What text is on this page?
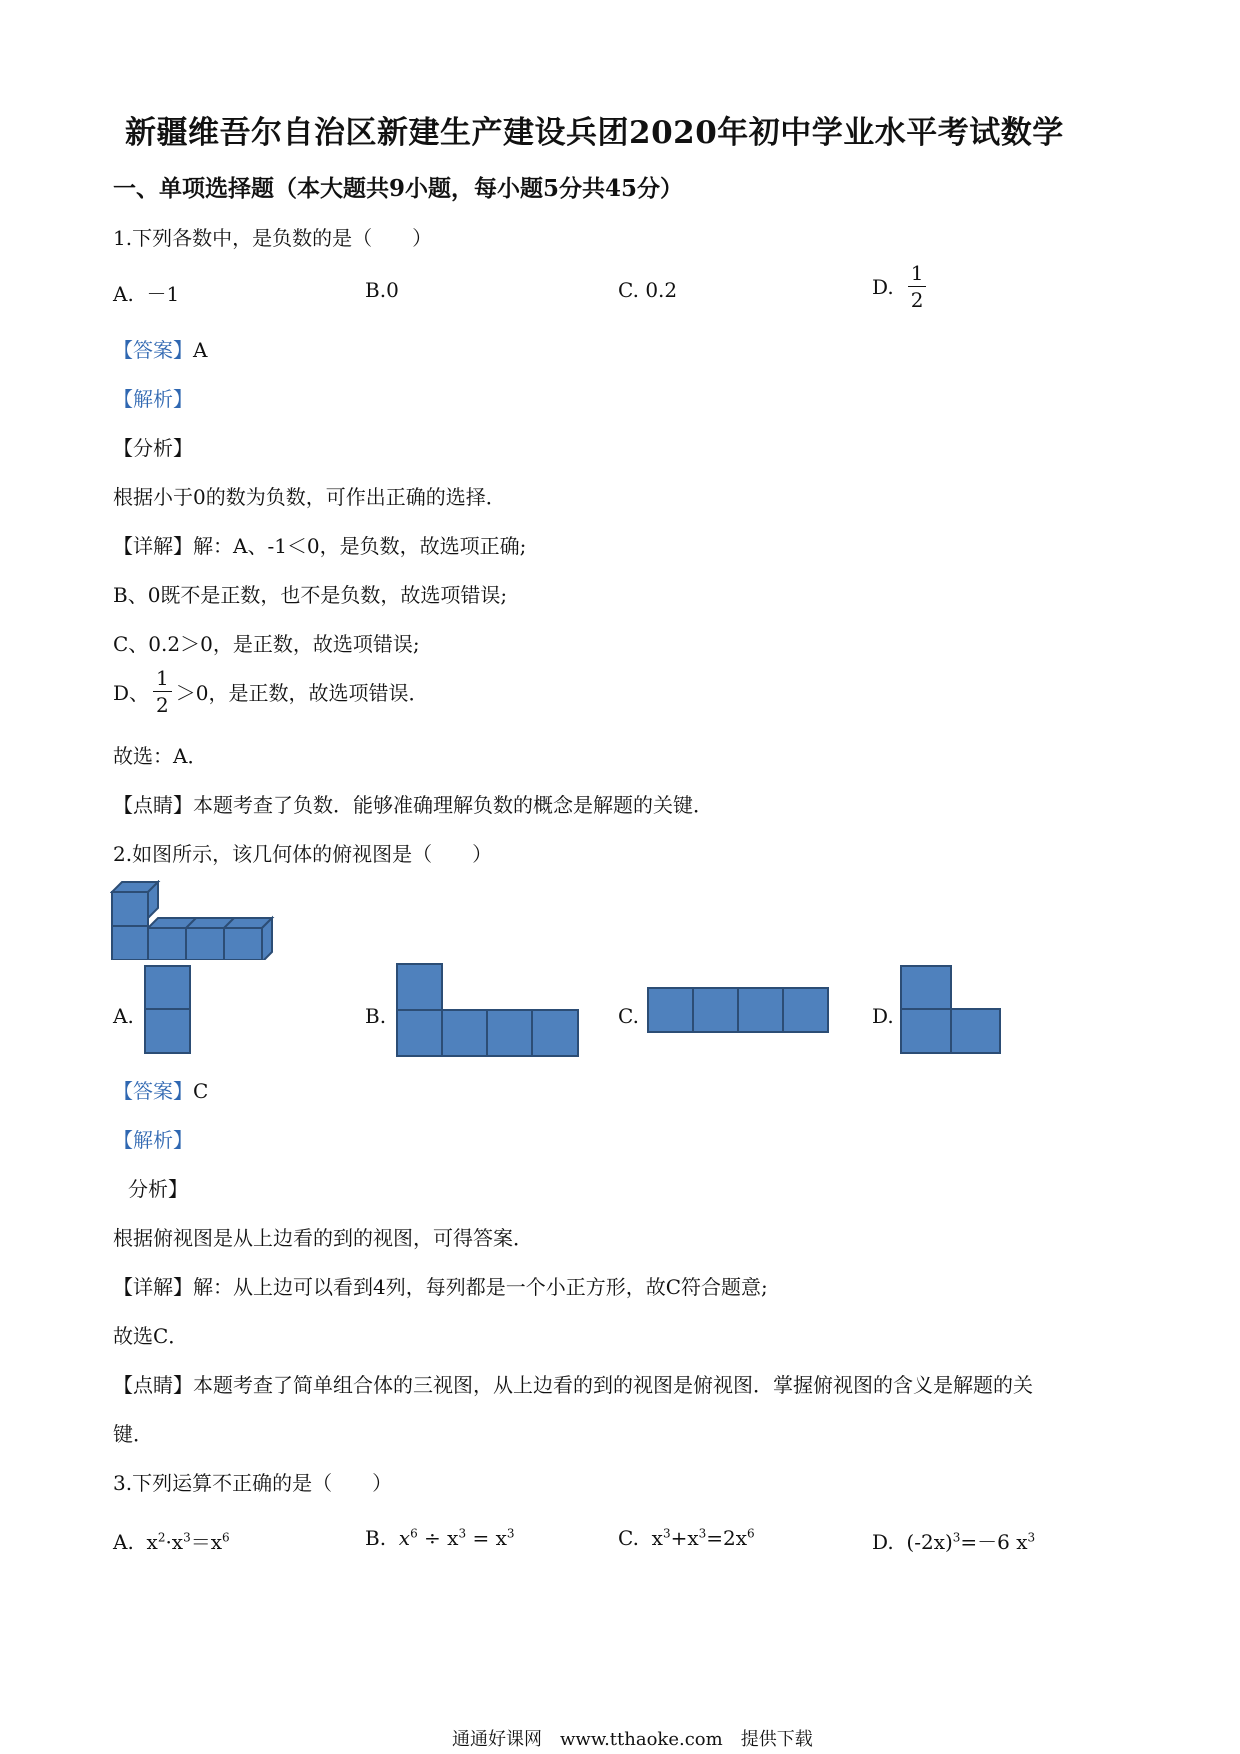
新疆维吾尔自治区新建生产建设兵团2020年初中学业水平考试数学
一、单项选择题（本大题共9小题，每小题5分共45分）
1.下列各数中，是负数的是（　　）
A. －1	B.0	C. 0.2	D. $\frac{1}{2}$
【答案】A
【解析】
【分析】
根据小于0的数为负数，可作出正确的选择．
【详解】解：A、-1＜0，是负数，故选项正确;
B、0既不是正数，也不是负数，故选项错误;
C、0.2＞0，是正数，故选项错误;
D、 $\frac{1}{2} >0$，是正数，故选项错误．
故选：A．
【点睛】本题考查了负数．能够准确理解负数的概念是解题的关键．
2.如图所示，该几何体的俯视图是（　　）
A.	B.	C.	D.
【答案】C
【解析】
分析】
根据俯视图是从上边看的到的视图，可得答案．
【详解】解：从上边可以看到4列，每列都是一个小正方形，故C符合题意;
故选C．
【点睛】本题考查了简单组合体的三视图，从上边看的到的视图是俯视图．掌握俯视图的含义是解题的关
键．
3.下列运算不正确的是（　　）
A. $x^2\cdot x^3=x^6$	B. $x^6 \div x^3 = x^3$	C. $x^3+x^3=2x^6$	D. $(-2x)^3=-6$ $x^3$
通通好课网　www.tthaoke.com　提供下载
